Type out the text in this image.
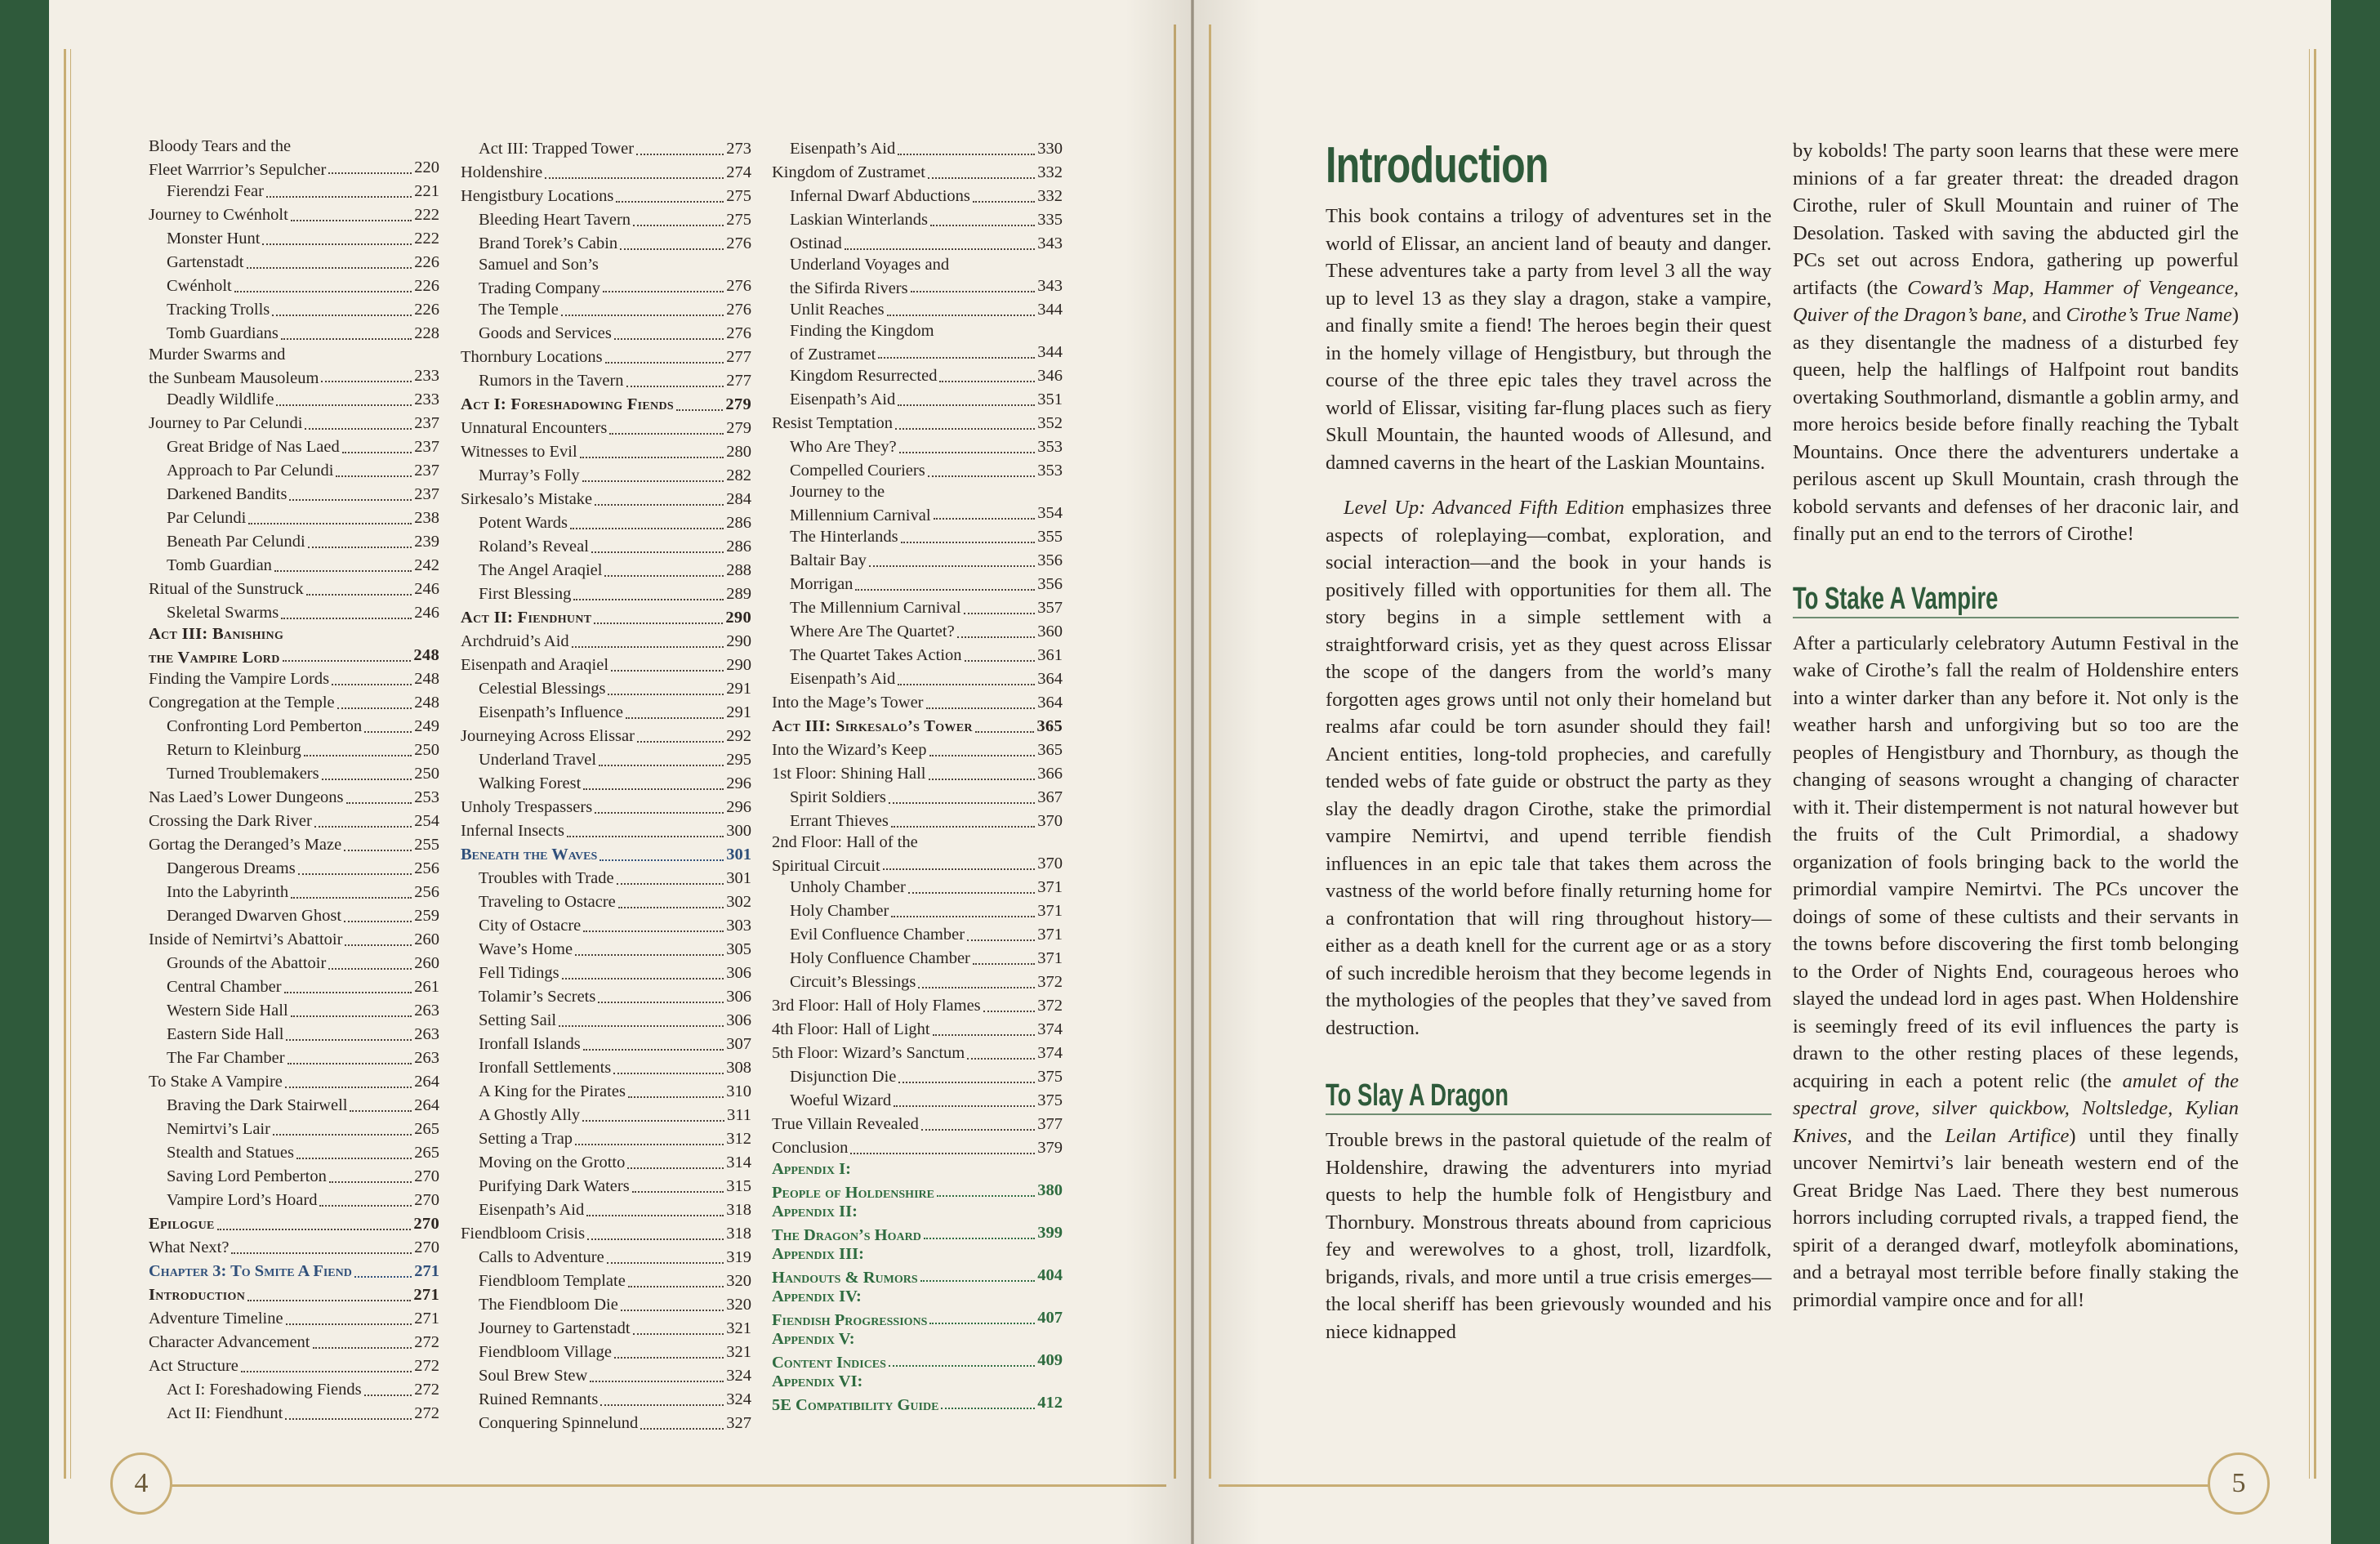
Bloody Tears and the
Fleet Warrrior’s Sepulcher	220
Fierendzi Fear	221
Journey to Cwénholt	222
Monster Hunt	222
Gartenstadt	226
Cwénholt	226
Tracking Trolls	226
Tomb Guardians	228
Murder Swarms and
the Sunbeam Mausoleum	233
Deadly Wildlife	233
Journey to Par Celundi	237
Great Bridge of Nas Laed	237
Approach to Par Celundi	237
Darkened Bandits	237
Par Celundi	238
Beneath Par Celundi	239
Tomb Guardian	242
Ritual of the Sunstruck	246
Skeletal Swarms	246
Act III: Banishing
the Vampire Lord	248
Finding the Vampire Lords	248
Congregation at the Temple	248
Confronting Lord Pemberton	249
Return to Kleinburg	250
Turned Troublemakers	250
Nas Laed’s Lower Dungeons	253
Crossing the Dark River	254
Gortag the Deranged’s Maze	255
Dangerous Dreams	256
Into the Labyrinth	256
Deranged Dwarven Ghost	259
Inside of Nemirtvi’s Abattoir	260
Grounds of the Abattoir	260
Central Chamber	261
Western Side Hall	263
Eastern Side Hall	263
The Far Chamber	263
To Stake A Vampire	264
Braving the Dark Stairwell	264
Nemirtvi’s Lair	265
Stealth and Statues	265
Saving Lord Pemberton	270
Vampire Lord’s Hoard	270
Epilogue	270
What Next?	270
Chapter 3: To Smite A Fiend	271
Introduction	271
Adventure Timeline	271
Character Advancement	272
Act Structure	272
Act I: Foreshadowing Fiends	272
Act II: Fiendhunt	272
Act III: Trapped Tower	273
Holdenshire	274
Hengistbury Locations	275
Bleeding Heart Tavern	275
Brand Torek’s Cabin	276
Samuel and Son’s
Trading Company	276
The Temple	276
Goods and Services	276
Thornbury Locations	277
Rumors in the Tavern	277
Act I: Foreshadowing Fiends	279
Unnatural Encounters	279
Witnesses to Evil	280
Murray’s Folly	282
Sirkesalo’s Mistake	284
Potent Wards	286
Roland’s Reveal	286
The Angel Araqiel	288
First Blessing	289
Act II: Fiendhunt	290
Archdruid’s Aid	290
Eisenpath and Araqiel	290
Celestial Blessings	291
Eisenpath’s Influence	291
Journeying Across Elissar	292
Underland Travel	295
Walking Forest	296
Unholy Trespassers	296
Infernal Insects	300
Beneath the Waves	301
Troubles with Trade	301
Traveling to Ostacre	302
City of Ostacre	303
Wave’s Home	305
Fell Tidings	306
Tolamir’s Secrets	306
Setting Sail	306
Ironfall Islands	307
Ironfall Settlements	308
A King for the Pirates	310
A Ghostly Ally	311
Setting a Trap	312
Moving on the Grotto	314
Purifying Dark Waters	315
Eisenpath’s Aid	318
Fiendbloom Crisis	318
Calls to Adventure	319
Fiendbloom Template	320
The Fiendbloom Die	320
Journey to Gartenstadt	321
Fiendbloom Village	321
Soul Brew Stew	324
Ruined Remnants	324
Conquering Spinnelund	327
Eisenpath’s Aid	330
Kingdom of Zustramet	332
Infernal Dwarf Abductions	332
Laskian Winterlands	335
Ostinad	343
Underland Voyages and
the Sifirda Rivers	343
Unlit Reaches	344
Finding the Kingdom
of Zustramet	344
Kingdom Resurrected	346
Eisenpath’s Aid	351
Resist Temptation	352
Who Are They?	353
Compelled Couriers	353
Journey to the
Millennium Carnival	354
The Hinterlands	355
Baltair Bay	356
Morrigan	356
The Millennium Carnival	357
Where Are The Quartet?	360
The Quartet Takes Action	361
Eisenpath’s Aid	364
Into the Mage’s Tower	364
Act III: Sirkesalo’s Tower	365
Into the Wizard’s Keep	365
1st Floor: Shining Hall	366
Spirit Soldiers	367
Errant Thieves	370
2nd Floor: Hall of the
Spiritual Circuit	370
Unholy Chamber	371
Holy Chamber	371
Evil Confluence Chamber	371
Holy Confluence Chamber	371
Circuit’s Blessings	372
3rd Floor: Hall of Holy Flames	372
4th Floor: Hall of Light	374
5th Floor: Wizard’s Sanctum	374
Disjunction Die	375
Woeful Wizard	375
True Villain Revealed	377
Conclusion	379
Appendix I:
People of Holdenshire	380
Appendix II:
The Dragon’s Hoard	399
Appendix III:
Handouts & Rumors	404
Appendix IV:
Fiendish Progressions	407
Appendix V:
Content Indices	409
Appendix VI:
5E Compatibility Guide	412
4
Introduction

This book contains a trilogy of adventures set in the world of Elissar, an ancient land of beauty and danger. These adventures take a party from level 3 all the way up to level 13 as they slay a dragon, stake a vampire, and finally smite a fiend! The heroes begin their quest in the homely village of Hengistbury, but through the course of the three epic tales they travel across the world of Elissar, visiting far-flung places such as fiery Skull Mountain, the haunted woods of Allesund, and damned caverns in the heart of the Laskian Mountains.

Level Up: Advanced Fifth Edition emphasizes three aspects of roleplaying—combat, exploration, and social interaction—and the book in your hands is positively filled with opportunities for them all. The story begins in a simple settlement with a straightforward crisis, yet as they quest across Elissar the scope of the dangers from the world’s many forgotten ages grows until not only their homeland but realms afar could be torn asunder should they fail! Ancient entities, long-told prophecies, and carefully tended webs of fate guide or obstruct the party as they slay the deadly dragon Cirothe, stake the primordial vampire Nemirtvi, and upend terrible fiendish influences in an epic tale that takes them across the vastness of the world before finally returning home for a confrontation that will ring throughout history—either as a death knell for the current age or as a story of such incredible heroism that they become legends in the mythologies of the peoples that they’ve saved from destruction.

To Slay A Dragon

Trouble brews in the pastoral quietude of the realm of Holdenshire, drawing the adventurers into myriad quests to help the humble folk of Hengistbury and Thornbury. Monstrous threats abound from capricious fey and werewolves to a ghost, troll, lizardfolk, brigands, rivals, and more until a true crisis emerges—the local sheriff has been grievously wounded and his niece kidnapped

by kobolds! The party soon learns that these were mere minions of a far greater threat: the dreaded dragon Cirothe, ruler of Skull Mountain and ruiner of The Desolation. Tasked with saving the abducted girl the PCs set out across Endora, gathering up powerful artifacts (the Coward’s Map, Hammer of Vengeance, Quiver of the Dragon’s bane, and Cirothe’s True Name) as they disentangle the madness of a disturbed fey queen, help the halflings of Halfpoint rout bandits overtaking Southmorland, dismantle a goblin army, and more heroics beside before finally reaching the Tybalt Mountains. Once there the adventurers undertake a perilous ascent up Skull Mountain, crash through the kobold servants and defenses of her draconic lair, and finally put an end to the terrors of Cirothe!

To Stake A Vampire

After a particularly celebratory Autumn Festival in the wake of Cirothe’s fall the realm of Holdenshire enters into a winter darker than any before it. Not only is the weather harsh and unforgiving but so too are the peoples of Hengistbury and Thornbury, as though the changing of seasons wrought a changing of character with it. Their distemperment is not natural however but the fruits of the Cult Primordial, a shadowy organization of fools bringing back to the world the primordial vampire Nemirtvi. The PCs uncover the doings of some of these cultists and their servants in the towns before discovering the first tomb belonging to the Order of Nights End, courageous heroes who slayed the undead lord in ages past. When Holdenshire is seemingly freed of its evil influences the party is drawn to the other resting places of these legends, acquiring in each a potent relic (the amulet of the spectral grove, silver quickbow, Noltsledge, Kylian Knives, and the Leilan Artifice) until they finally uncover Nemirtvi’s lair beneath western end of the Great Bridge Nas Laed. There they best numerous horrors including corrupted rivals, a trapped fiend, the spirit of a deranged dwarf, motleyfolk abominations, and a betrayal most terrible before finally staking the primordial vampire once and for all!

5
